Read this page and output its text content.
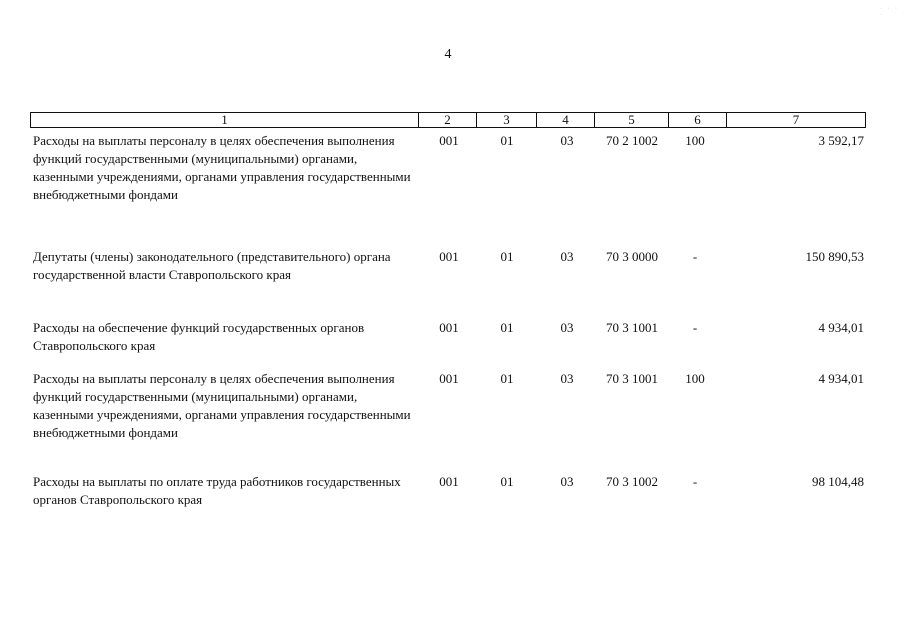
4
1	2	3	4	5	6	7
Расходы на выплаты персоналу в целях обеспечения выполнения функций государственными (муниципальными) органами, казенными учреждениями, органами управления государственными внебюджетными фондами
001	01	03	70 2 1002	100	3 592,17
Депутаты (члены) законодательного (представительного) органа государственной власти Ставропольского края
001	01	03	70 3 0000	-	150 890,53
Расходы на обеспечение функций государственных органов Ставропольского края
001	01	03	70 3 1001	-	4 934,01
Расходы на выплаты персоналу в целях обеспечения выполнения функций государственными (муниципальными) органами, казенными учреждениями, органами управления государственными внебюджетными фондами
001	01	03	70 3 1001	100	4 934,01
Расходы на выплаты по оплате труда работников государственных органов Ставропольского края
001	01	03	70 3 1002	-	98 104,48
· · · ·
